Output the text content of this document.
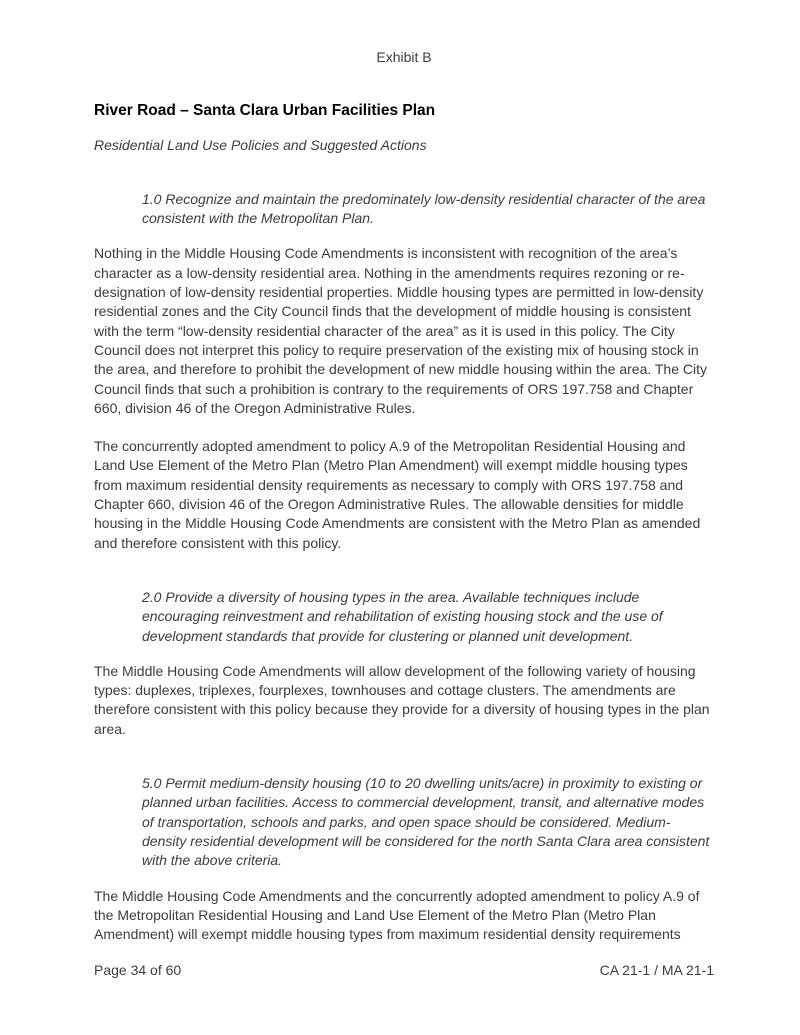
Exhibit B
River Road – Santa Clara Urban Facilities Plan
Residential Land Use Policies and Suggested Actions

1.0 Recognize and maintain the predominately low-density residential character of the area consistent with the Metropolitan Plan.

Nothing in the Middle Housing Code Amendments is inconsistent with recognition of the area’s character as a low-density residential area. Nothing in the amendments requires rezoning or re-designation of low-density residential properties. Middle housing types are permitted in low-density residential zones and the City Council finds that the development of middle housing is consistent with the term “low-density residential character of the area” as it is used in this policy. The City Council does not interpret this policy to require preservation of the existing mix of housing stock in the area, and therefore to prohibit the development of new middle housing within the area. The City Council finds that such a prohibition is contrary to the requirements of ORS 197.758 and Chapter 660, division 46 of the Oregon Administrative Rules.

The concurrently adopted amendment to policy A.9 of the Metropolitan Residential Housing and Land Use Element of the Metro Plan (Metro Plan Amendment) will exempt middle housing types from maximum residential density requirements as necessary to comply with ORS 197.758 and Chapter 660, division 46 of the Oregon Administrative Rules. The allowable densities for middle housing in the Middle Housing Code Amendments are consistent with the Metro Plan as amended and therefore consistent with this policy.

2.0 Provide a diversity of housing types in the area. Available techniques include encouraging reinvestment and rehabilitation of existing housing stock and the use of development standards that provide for clustering or planned unit development.

The Middle Housing Code Amendments will allow development of the following variety of housing types: duplexes, triplexes, fourplexes, townhouses and cottage clusters. The amendments are therefore consistent with this policy because they provide for a diversity of housing types in the plan area.

5.0 Permit medium-density housing (10 to 20 dwelling units/acre) in proximity to existing or planned urban facilities. Access to commercial development, transit, and alternative modes of transportation, schools and parks, and open space should be considered. Medium-density residential development will be considered for the north Santa Clara area consistent with the above criteria.

The Middle Housing Code Amendments and the concurrently adopted amendment to policy A.9 of the Metropolitan Residential Housing and Land Use Element of the Metro Plan (Metro Plan Amendment) will exempt middle housing types from maximum residential density requirements

Page 34 of 60	CA 21-1 / MA 21-1
